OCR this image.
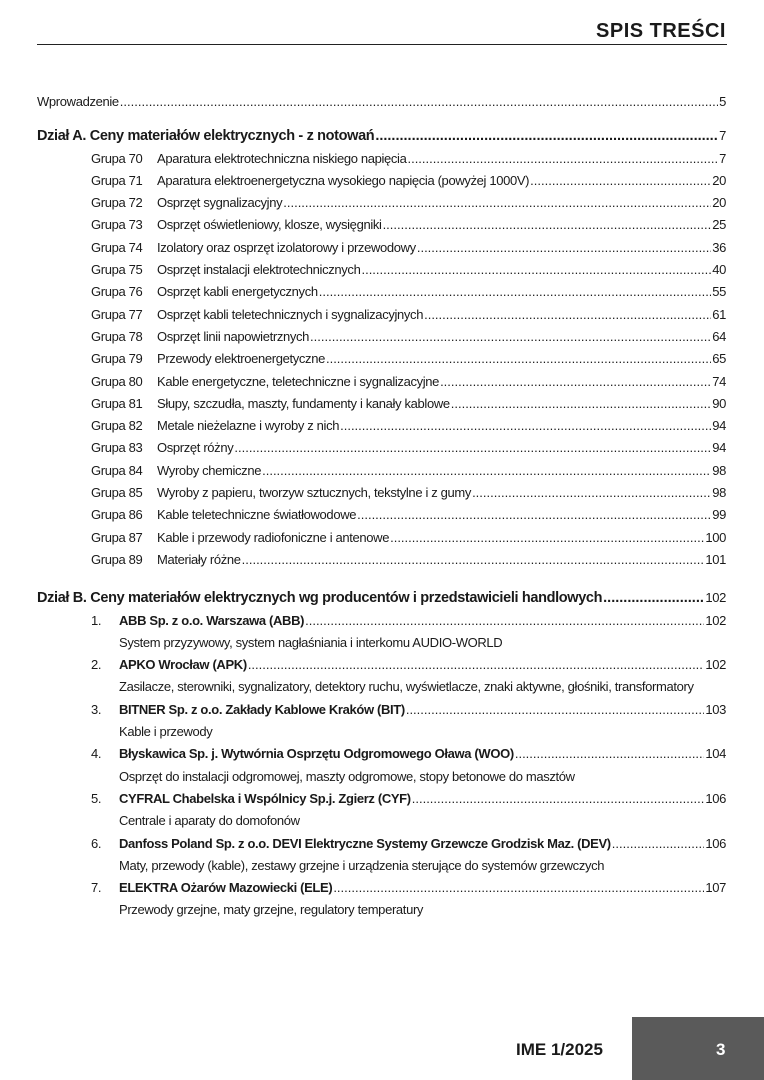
SPIS TREŚCI
Wprowadzenie .....	5
Dział A. Ceny materiałów elektrycznych - z notowań .....	7
Grupa 70	Aparatura elektrotechniczna niskiego napięcia .....	7
Grupa 71	Aparatura elektroenergetyczna wysokiego napięcia (powyżej 1000V) .....	20
Grupa 72	Osprzęt sygnalizacyjny .....	20
Grupa 73	Osprzęt oświetleniowy, klosze, wysięgniki .....	25
Grupa 74	Izolatory oraz osprzęt izolatorowy i przewodowy .....	36
Grupa 75	Osprzęt instalacji elektrotechnicznych .....	40
Grupa 76	Osprzęt kabli energetycznych .....	55
Grupa 77	Osprzęt kabli teletechnicznych i sygnalizacyjnych .....	61
Grupa 78	Osprzęt linii napowietrznych .....	64
Grupa 79	Przewody elektroenergetyczne .....	65
Grupa 80	Kable energetyczne, teletechniczne i sygnalizacyjne .....	74
Grupa 81	Słupy, szczudła, maszty, fundamenty i kanały kablowe .....	90
Grupa 82	Metale nieżelazne i wyroby z nich .....	94
Grupa 83	Osprzęt różny .....	94
Grupa 84	Wyroby chemiczne .....	98
Grupa 85	Wyroby z papieru, tworzyw sztucznych, tekstylne i z gumy .....	98
Grupa 86	Kable teletechniczne światłowodowe .....	99
Grupa 87	Kable i przewody radiofoniczne i antenowe .....	100
Grupa 89	Materiały różne .....	101
Dział B. Ceny materiałów elektrycznych wg producentów i przedstawicieli handlowych .....	102
1.	ABB Sp. z o.o. Warszawa (ABB) .....	102
System przyzywowy, system nagłaśniania i interkomu AUDIO-WORLD
2.	APKO Wrocław (APK) .....	102
Zasilacze, sterowniki, sygnalizatory, detektory ruchu, wyświetlacze, znaki aktywne, głośniki, transformatory
3.	BITNER Sp. z o.o. Zakłady Kablowe Kraków (BIT) .....	103
Kable i przewody
4.	Błyskawica Sp. j. Wytwórnia Osprzętu Odgromowego Oława (WOO) .....	104
Osprzęt do instalacji odgromowej, maszty odgromowe, stopy betonowe do masztów
5.	CYFRAL Chabelska i Wspólnicy Sp.j. Zgierz (CYF) .....	106
Centrale i aparaty do domofonów
6.	Danfoss Poland Sp. z o.o. DEVI Elektryczne Systemy Grzewcze Grodzisk Maz. (DEV) .....	106
Maty, przewody (kable), zestawy grzejne i urządzenia sterujące do systemów grzewczych
7.	ELEKTRA Ożarów Mazowiecki (ELE) .....	107
Przewody grzejne, maty grzejne, regulatory temperatury
IME 1/2025	3
